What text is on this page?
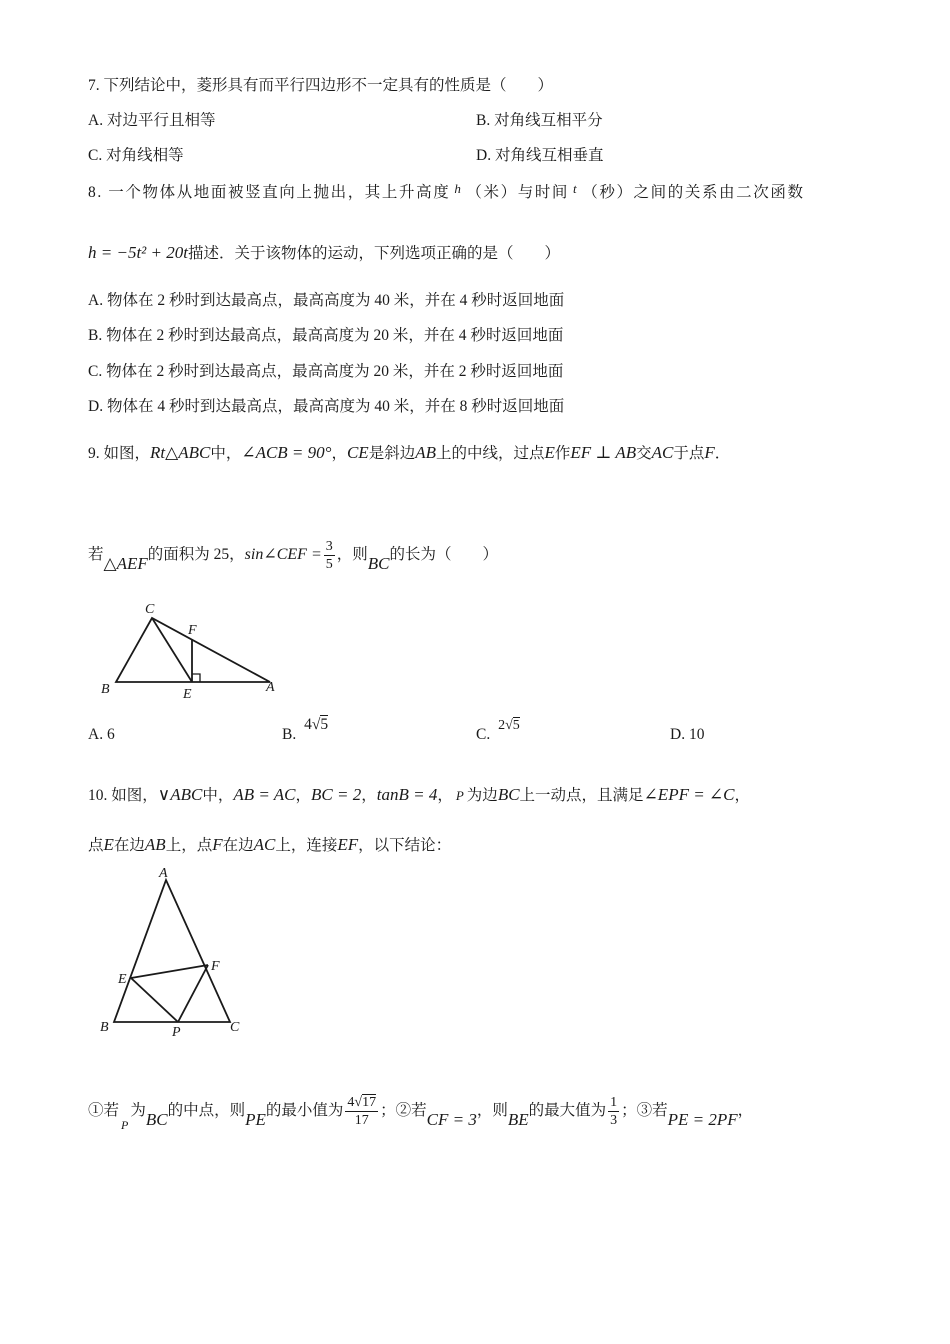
7. 下列结论中，菱形具有而平行四边形不一定具有的性质是（　　）
A. 对边平行且相等	B. 对角线互相平分
C. 对角线相等	D. 对角线互相垂直
8. 一个物体从地面被竖直向上抛出，其上升高度 $^h$ （米）与时间 $^t$ （秒）之间的关系由二次函数
h = −5t² + 20t描述．关于该物体的运动，下列选项正确的是（　　）
A. 物体在 2 秒时到达最高点，最高高度为 40 米，并在 4 秒时返回地面
B. 物体在 2 秒时到达最高点，最高高度为 20 米，并在 4 秒时返回地面
C. 物体在 2 秒时到达最高点，最高高度为 20 米，并在 2 秒时返回地面
D. 物体在 4 秒时到达最高点，最高高度为 40 米，并在 8 秒时返回地面
9. 如图，Rt△ABC中，∠ACB = 90°，CE是斜边AB上的中线，过点E作EF ⊥ AB交AC于点F．
若△AEF的面积为 25，sin∠CEF = $\frac{3}{5}$ ，则BC的长为（　　）
C
F
B	E	A
A. 6	B. 4√5
C. 2√5
D. 10
10. 如图，∨ABC中，AB = AC，BC = 2，tanB = 4， P 为边BC上一动点，且满足∠EPF = ∠C，
点E在边AB上，点F在边AC上，连接EF，以下结论：
A
E
F
B	P	C
①若$_P$为BC的中点，则PE的最小值为 $\frac{4√17}{17}$ ；②若CF = 3，则BE的最大值为 $\frac{1}{3}$ ；③若PE = 2PF，
